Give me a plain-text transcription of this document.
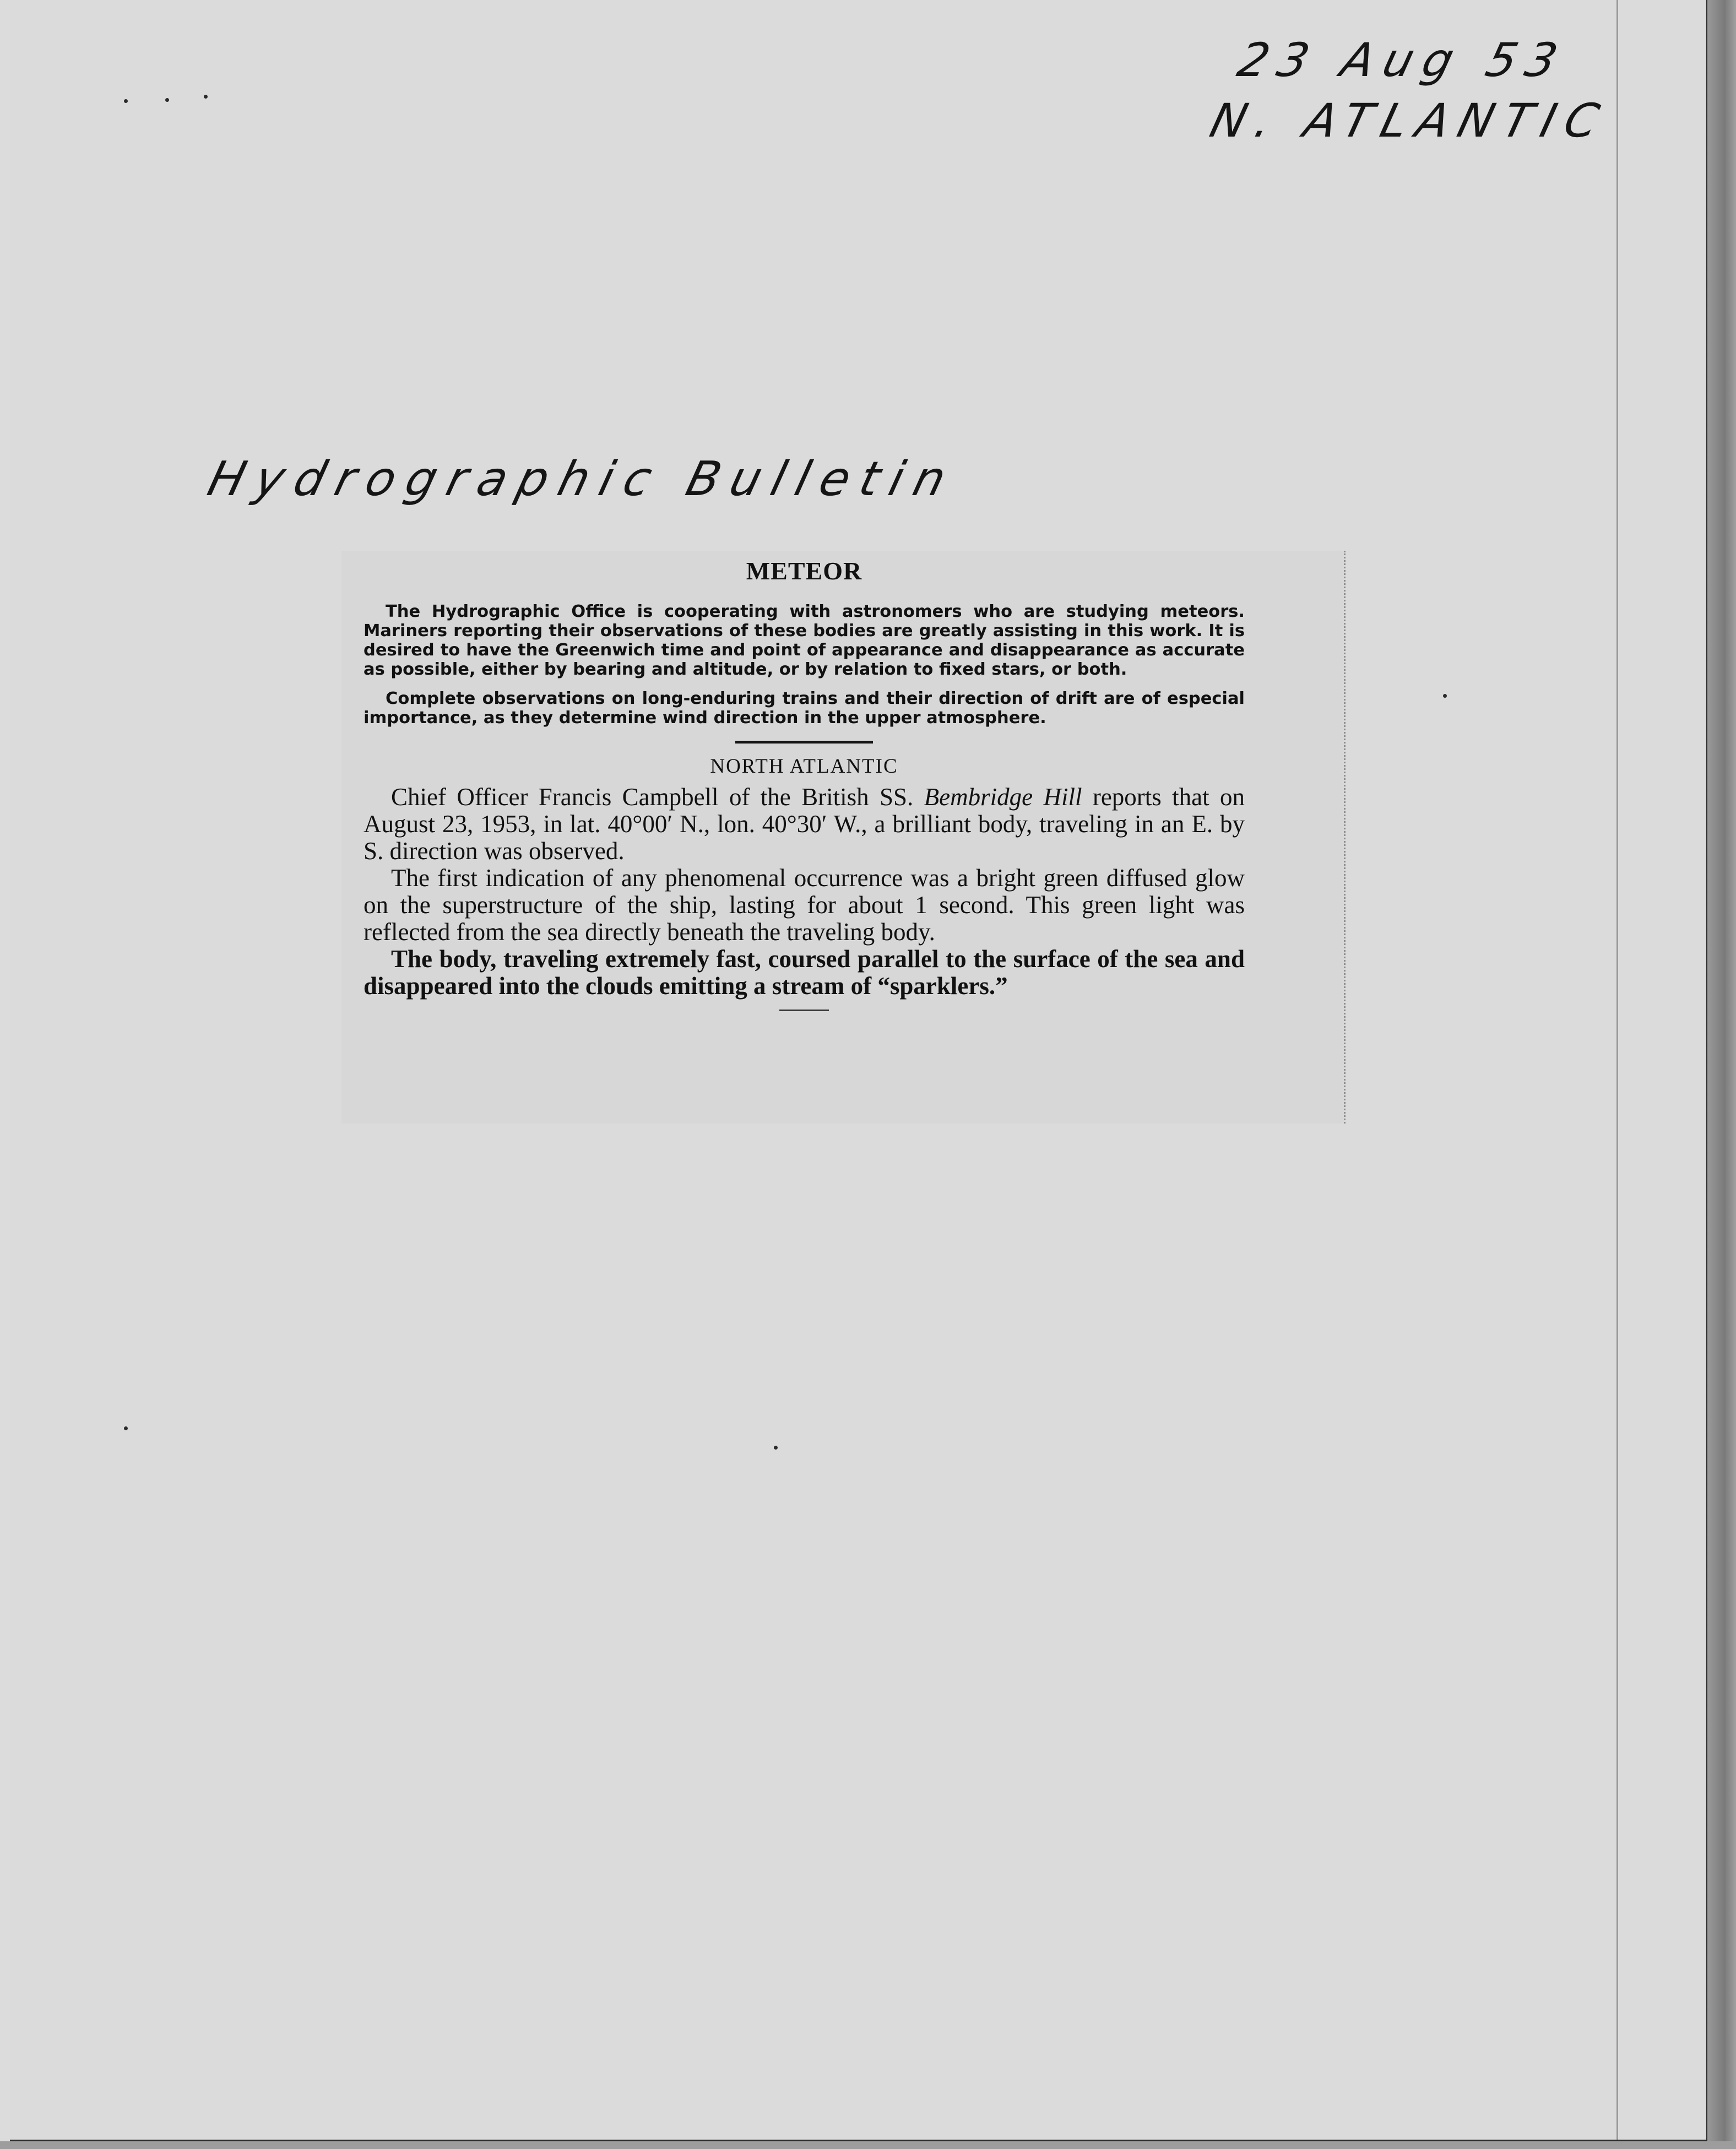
23 Aug 53
N. ATLANTIC
Hydrographic Bulletin
METEOR

The Hydrographic Office is cooperating with astronomers who are studying meteors. Mariners reporting their observations of these bodies are greatly assisting in this work. It is desired to have the Greenwich time and point of appearance and disappearance as accurate as possible, either by bearing and altitude, or by relation to fixed stars, or both.

Complete observations on long-enduring trains and their direction of drift are of especial importance, as they determine wind direction in the upper atmosphere.

NORTH ATLANTIC

Chief Officer Francis Campbell of the British SS. Bembridge Hill reports that on August 23, 1953, in lat. 40°00′ N., lon. 40°30′ W., a brilliant body, traveling in an E. by S. direction was observed.

The first indication of any phenomenal occurrence was a bright green diffused glow on the superstructure of the ship, lasting for about 1 second. This green light was reflected from the sea directly beneath the traveling body.

The body, traveling extremely fast, coursed parallel to the surface of the sea and disappeared into the clouds emitting a stream of “sparklers.”
